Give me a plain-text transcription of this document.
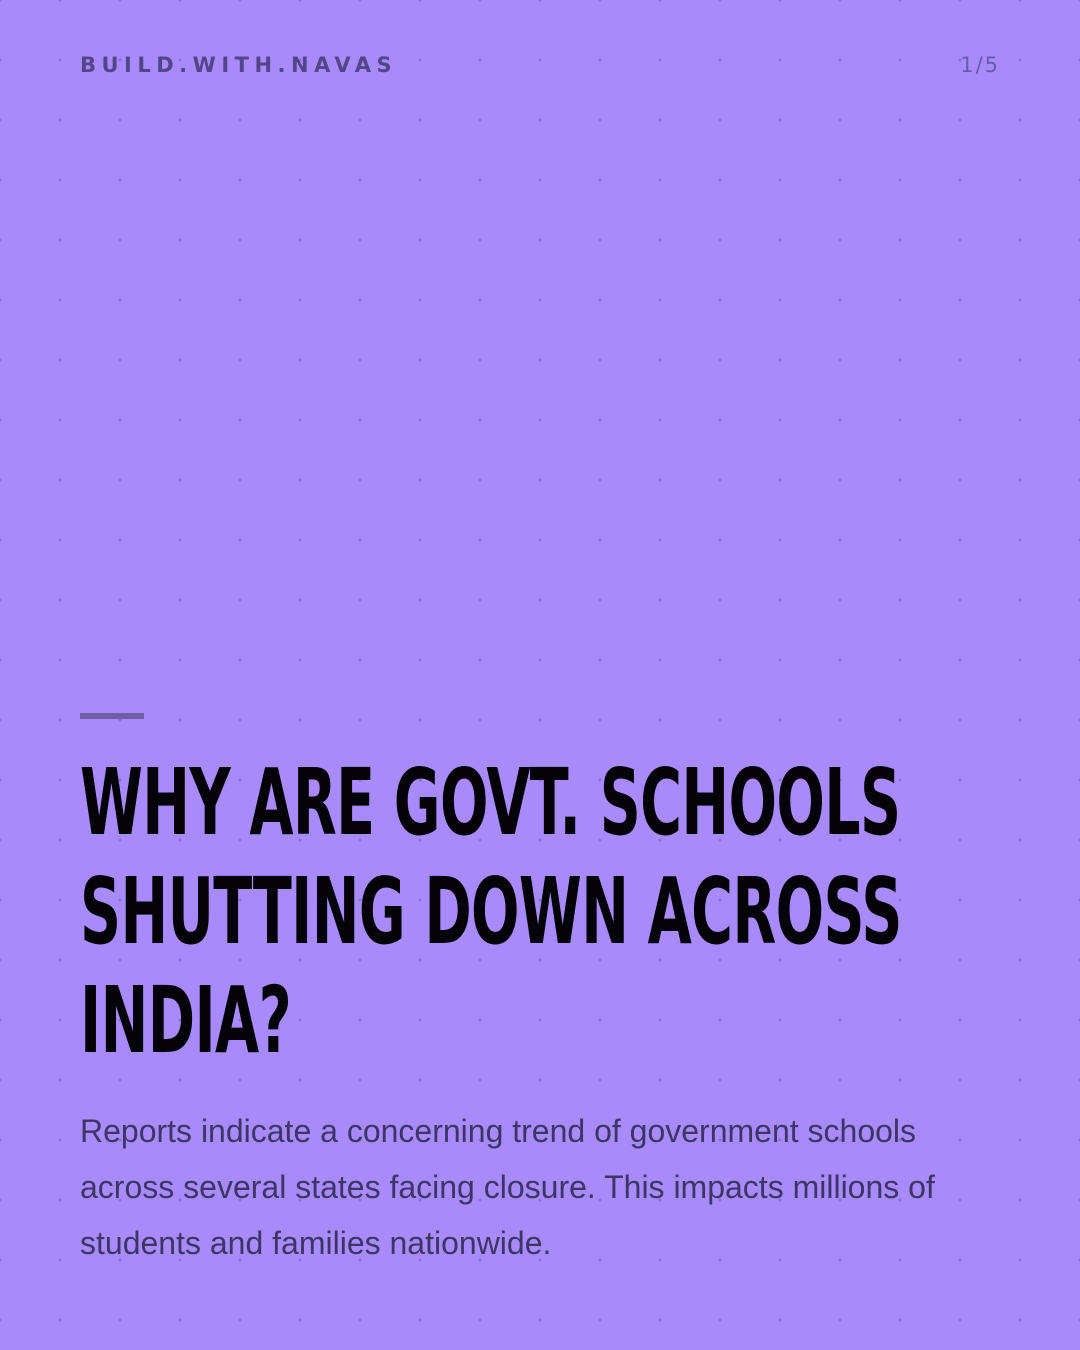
BUILD.WITH.NAVAS	1/5
WHY ARE GOVT. SCHOOLS
SHUTTING DOWN ACROSS
INDIA?

Reports indicate a concerning trend of government schools across several states facing closure. This impacts millions of students and families nationwide.
